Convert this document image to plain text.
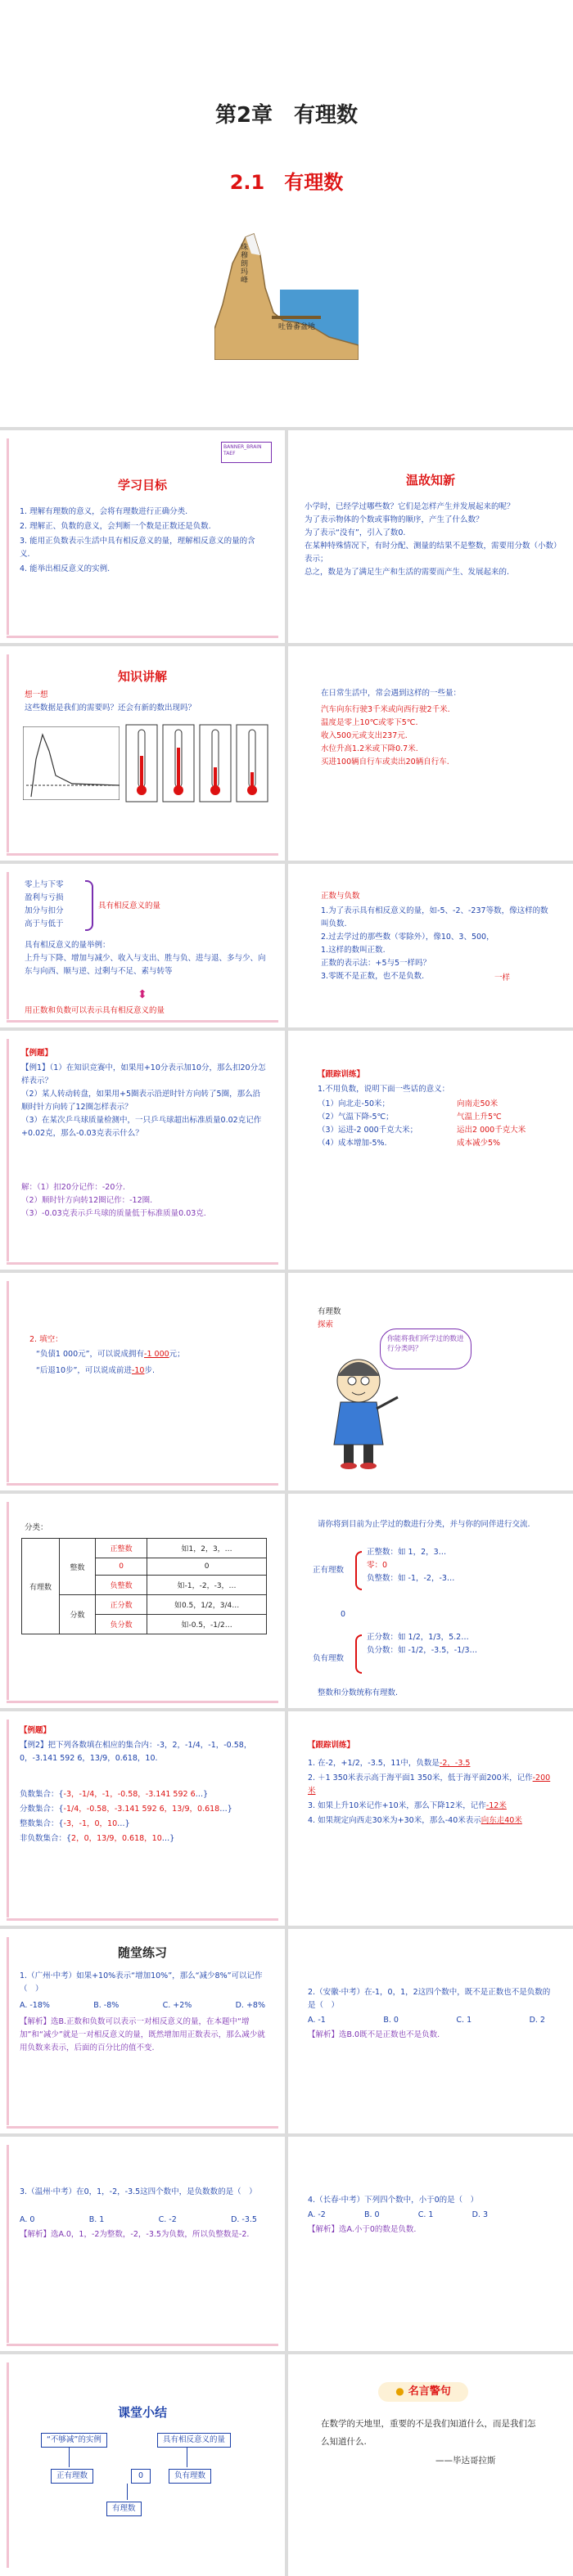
第2章　有理数
2.1　有理数
珠穆朗玛峰
吐鲁番盆地
BANNER_BRAIN
TAEF
学习目标
1. 理解有理数的意义，会将有理数进行正确分类.
2. 理解正、负数的意义，会判断一个数是正数还是负数.
3. 能用正负数表示生活中具有相反意义的量，理解相反意义的量的含义.
4. 能举出相反意义的实例.
温故知新
小学时，已经学过哪些数？它们是怎样产生并发展起来的呢？
为了表示物体的个数或事物的顺序，产生了什么数？
为了表示“没有”，引入了数0.
在某种特殊情况下，有时分配、测量的结果不是整数，需要用分数（小数）表示；
总之，数是为了满足生产和生活的需要而产生、发展起来的.
知识讲解
想一想
这些数据是我们的需要吗？还会有新的数出现吗？
在日常生活中，常会遇到这样的一些量：
汽车向东行驶3千米或向西行驶2千米.
温度是零上10℃或零下5℃.
收入500元或支出237元.
水位升高1.2米或下降0.7米.
买进100辆自行车或卖出20辆自行车.
零上与下零
盈利与亏损
加分与扣分
高于与低于
具有相反意义的量
具有相反意义的量举例：
上升与下降、增加与减少、收入与支出、胜与负、进与退、多与少、向东与向西、顺与逆、过剩与不足、素与转等
⬍
用正数和负数可以表示具有相反意义的量
正数与负数
1.为了表示具有相反意义的量，如-5、-2、-237等数，像这样的数叫负数.
2.过去学过的那些数（零除外），像10、3、500，
1.这样的数叫正数.
正数的表示法：+5与5一样吗？
3.零既不是正数，也不是负数.	一样
【例题】
【例1】（1）在知识竞赛中，如果用+10分表示加10分，那么扣20分怎样表示？
（2）某人转动转盘，如果用+5圈表示沿逆时针方向转了5圈，那么沿顺时针方向转了12圈怎样表示？
（3）在某次乒乓球质量检测中，一只乒乓球超出标准质量0.02克记作+0.02克，那么-0.03克表示什么？
解：（1）扣20分记作：-20分.
（2）顺时针方向转12圈记作：-12圈.
（3）-0.03克表示乒乓球的质量低于标准质量0.03克.
【跟踪训练】
1.不用负数，说明下面一些话的意义：
（1）向北走-50米；	向南走50米
（2）气温下降-5℃；	气温上升5℃
（3）运进-2 000千克大米；	运出2 000千克大米
（4）成本增加-5%.	成本减少5%
2. 填空：
“负债1 000元”，可以说成拥有-1 000元；
“后退10步”，可以说成前进-10步.
有理数
探索
你能将我们所学过的数进行分类吗？
分类：
有理数	整数	正整数	如1，2，3，…
		0	0
		负整数	如-1，-2，-3，…
	分数	正分数	如0.5，1/2，3/4…
		负分数	如-0.5，-1/2…
请你将到目前为止学过的数进行分类，并与你的同伴进行交流.
正有理数
0
负有理数
正整数：如 1，2，3…
零：0
负整数：如 -1，-2，-3…
正分数：如 1/2，1/3，5.2…
负分数：如 -1/2，-3.5，-1/3…
整数和分数统称有理数.
【例题】
【例2】把下列各数填在相应的集合内：-3，2，-1/4，-1，-0.58，0，-3.141 592 6，13/9，0.618，10.
负数集合：{-3，-1/4，-1，-0.58，-3.141 592 6…}
分数集合：{-1/4，-0.58，-3.141 592 6，13/9，0.618…}
整数集合：{-3，-1，0，10…}
非负数集合：{2，0，13/9，0.618，10…}
【跟踪训练】
1. 在-2，+1/2，-3.5，11中，负数是-2，-3.5
2. ＋1 350米表示高于海平面1 350米，低于海平面200米，记作-200米
3. 如果上升10米记作+10米，那么下降12米，记作-12米
4. 如果规定向西走30米为+30米，那么-40米表示向东走40米
随堂练习
1.（广州·中考）如果+10%表示“增加10%”，那么“减少8%”可以记作（　）
A. -18%	B. -8%	C. +2%	D. +8%
【解析】选B.正数和负数可以表示一对相反意义的量，在本题中“增加”和“减少”就是一对相反意义的量，既然增加用正数表示，那么减少就用负数来表示，后面的百分比的值不变.
2.（安徽·中考）在-1，0，1，2这四个数中，既不是正数也不是负数的是（　）
A. -1	B. 0	C. 1	D. 2
【解析】选B.0既不是正数也不是负数.
3.（温州·中考）在0，1，-2，-3.5这四个数中，是负数数的是（　）
A. 0	B. 1	C. -2	D. -3.5
【解析】选A.0，1，-2为整数，-2，-3.5为负数，所以负整数是-2.
4.（长春·中考）下列四个数中，小于0的是（　）
A. -2	B. 0	C. 1	D. 3
【解析】选A.小于0的数是负数.
课堂小结
“不够减”的实例	具有相反意义的量
正有理数	0	负有理数
有理数
● 名言警句
在数学的天地里，重要的不是我们知道什么，而是我们怎么知道什么.
——毕达哥拉斯
